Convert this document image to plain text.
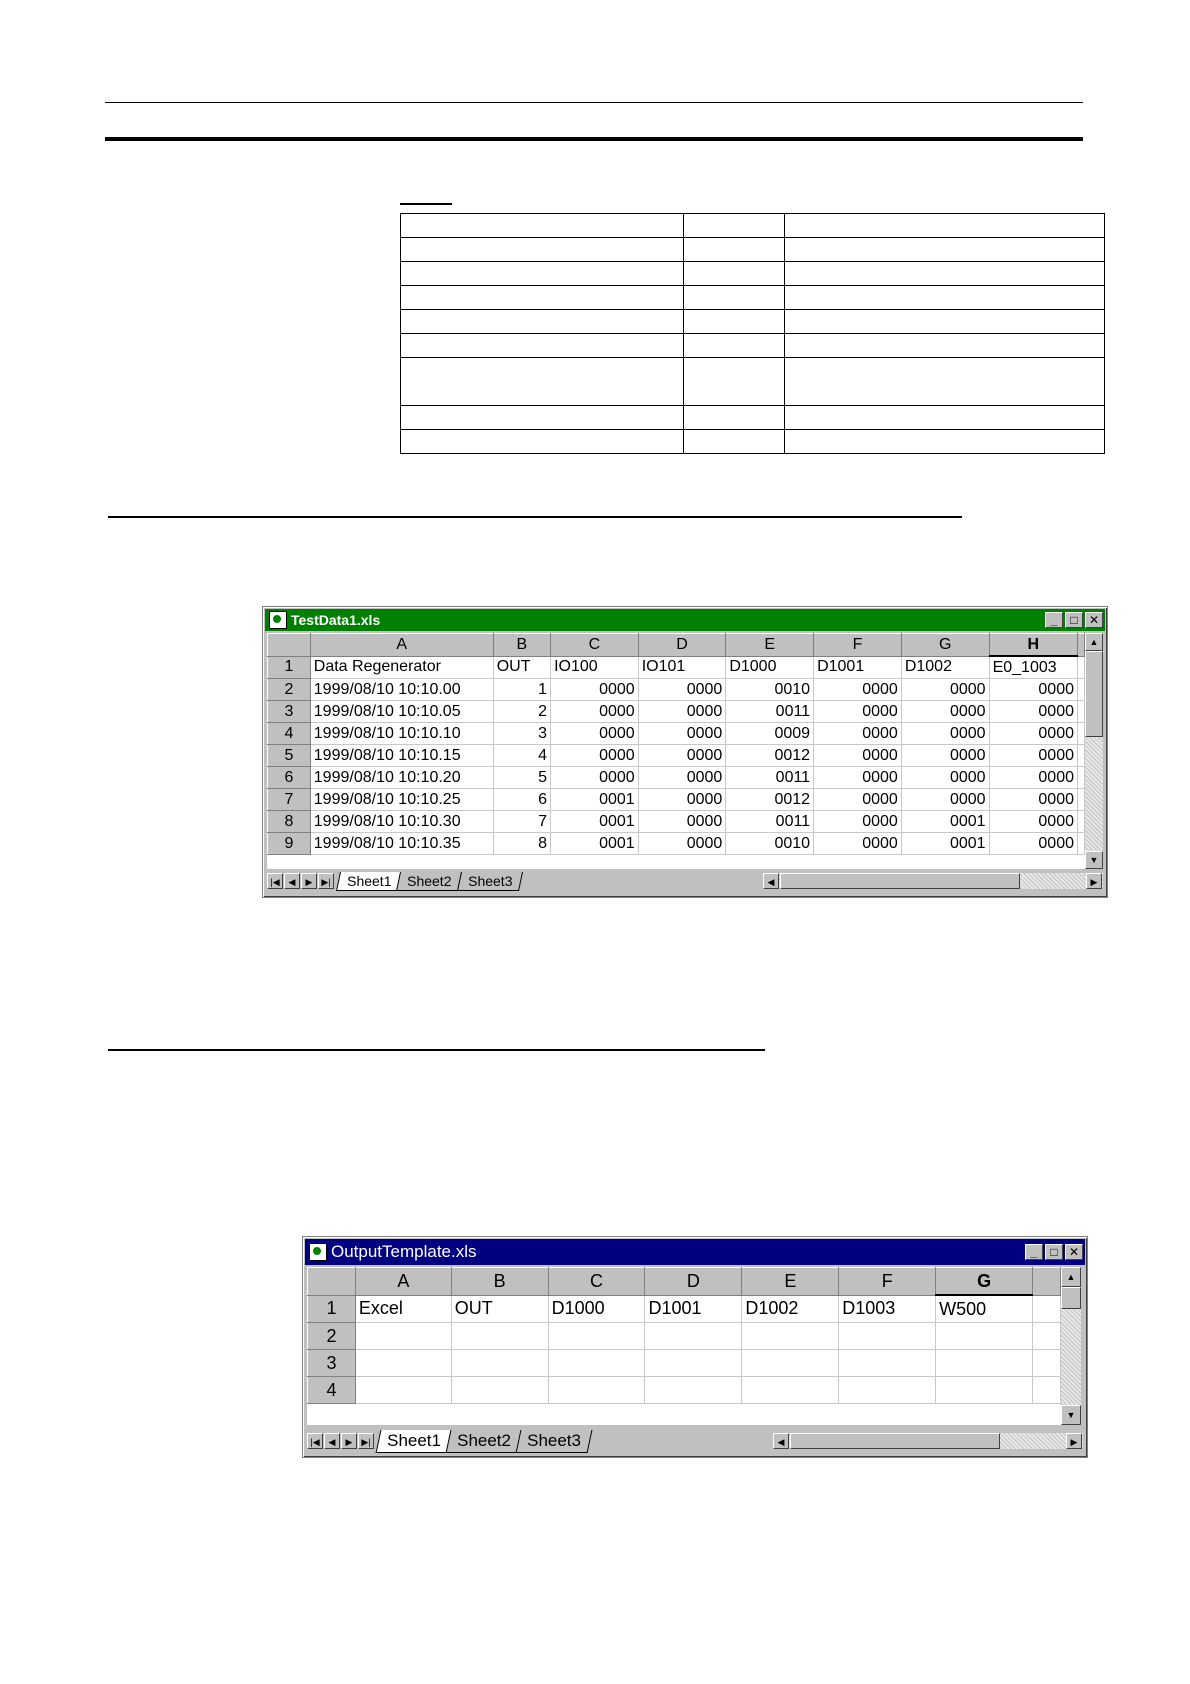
TestData1.xls	_	□ ✕
	A	B	C	D	E	F	G	H	
1	Data Regenerator	OUT	IO100	IO101	D1000	D1001	D1002	E0_1003	
2	1999/08/10 10:10.00	1	0000	0000	0010	0000	0000	0000	
3	1999/08/10 10:10.05	2	0000	0000	0011	0000	0000	0000	
4	1999/08/10 10:10.10	3	0000	0000	0009	0000	0000	0000	
5	1999/08/10 10:10.15	4	0000	0000	0012	0000	0000	0000	
6	1999/08/10 10:10.20	5	0000	0000	0011	0000	0000	0000	
7	1999/08/10 10:10.25	6	0001	0000	0012	0000	0000	0000	
8	1999/08/10 10:10.30	7	0001	0000	0011	0000	0001	0000	
9	1999/08/10 10:10.35	8	0001	0000	0010	0000	0001	0000	
▲
▼
|◀ ◀	▶ ▶|	Sheet1	Sheet2	Sheet3	◀	▶
OutputTemplate.xls	_	□ ✕
	A	B	C	D	E	F	G	
1	Excel	OUT	D1000	D1001	D1002	D1003	W500	
2								
3								
4								
▲
▼
|◀ ◀	▶ ▶| Sheet1 Sheet2 Sheet3	◀	▶
